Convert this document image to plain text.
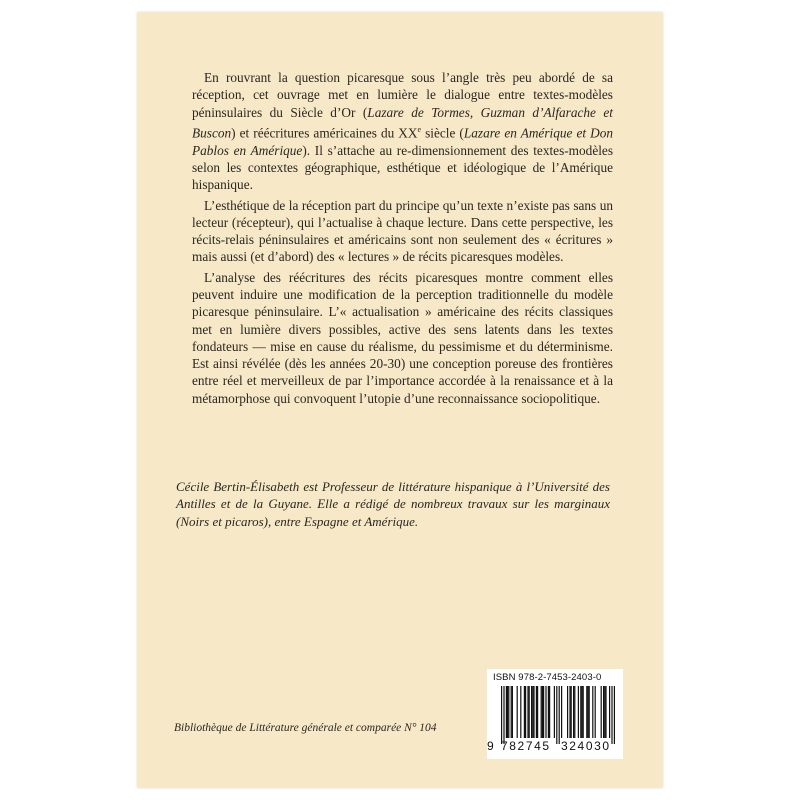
En rouvrant la question picaresque sous l’angle très peu abordé de sa réception, cet ouvrage met en lumière le dialogue entre textes-modèles péninsulaires du Siècle d’Or (Lazare de Tormes, Guzman d’Alfarache et Buscon) et réécritures américaines du XXe siècle (Lazare en Amérique et Don Pablos en Amérique). Il s’attache au re-dimensionnement des textes-modèles selon les contextes géographique, esthétique et idéologique de l’Amérique hispanique.

L’esthétique de la réception part du principe qu’un texte n’existe pas sans un lecteur (récepteur), qui l’actualise à chaque lecture. Dans cette perspective, les récits-relais péninsulaires et américains sont non seulement des « écritures » mais aussi (et d’abord) des « lectures » de récits picaresques modèles.

L’analyse des réécritures des récits picaresques montre comment elles peuvent induire une modification de la perception traditionnelle du modèle picaresque péninsulaire. L’« actualisation » américaine des récits classiques met en lumière divers possibles, active des sens latents dans les textes fondateurs — mise en cause du réalisme, du pessimisme et du déterminisme. Est ainsi révélée (dès les années 20-30) une conception poreuse des frontières entre réel et merveilleux de par l’importance accordée à la renaissance et à la métamorphose qui convoquent l’utopie d’une reconnaissance sociopolitique.

Cécile Bertin-Élisabeth est Professeur de littérature hispanique à l’Université des Antilles et de la Guyane. Elle a rédigé de nombreux travaux sur les marginaux (Noirs et picaros), entre Espagne et Amérique.
Bibliothèque de Littérature générale et comparée N° 104
ISBN 978-2-7453-2403-0
9 782745 324030
